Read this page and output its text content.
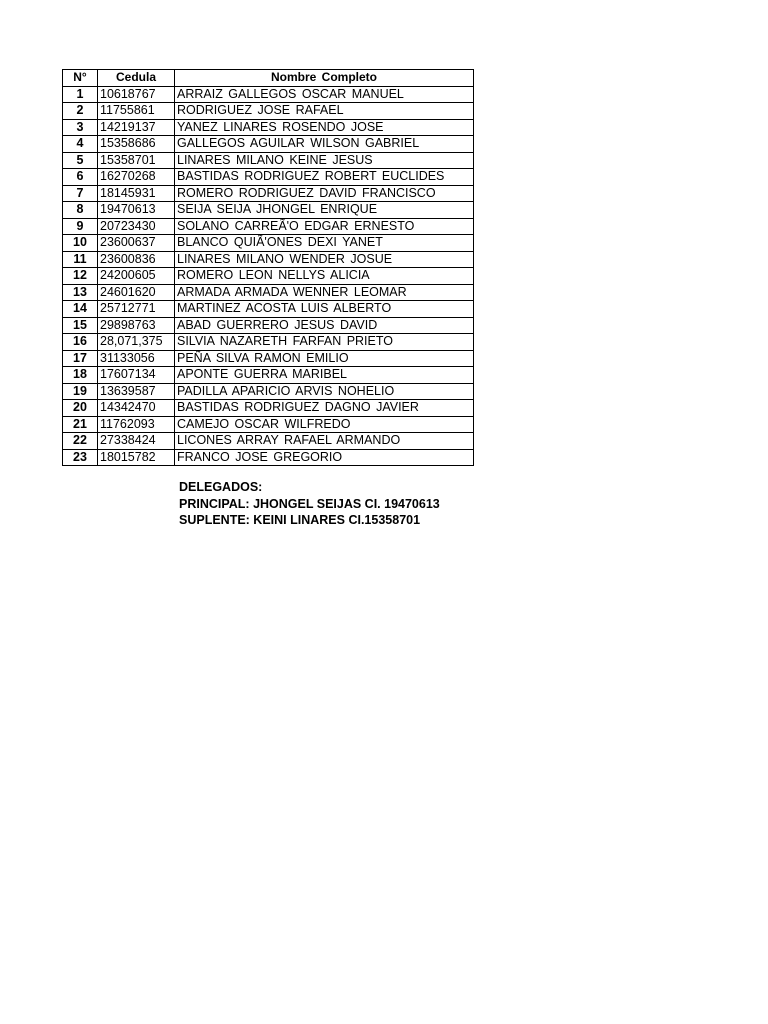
N°	Cedula	Nombre Completo
1	10618767	ARRAIZ GALLEGOS OSCAR MANUEL
2	11755861	RODRIGUEZ JOSE RAFAEL
3	14219137	YANEZ LINARES ROSENDO JOSE
4	15358686	GALLEGOS AGUILAR WILSON GABRIEL
5	15358701	LINARES MILANO KEINE JESUS
6	16270268	BASTIDAS RODRIGUEZ ROBERT EUCLIDES
7	18145931	ROMERO RODRIGUEZ DAVID FRANCISCO
8	19470613	SEIJA SEIJA JHONGEL ENRIQUE
9	20723430	SOLANO CARREÃ'O EDGAR ERNESTO
10	23600637	BLANCO QUIÃ'ONES DEXI YANET
11	23600836	LINARES MILANO WENDER JOSUE
12	24200605	ROMERO LEON NELLYS ALICIA
13	24601620	ARMADA ARMADA WENNER LEOMAR
14	25712771	MARTINEZ ACOSTA LUIS ALBERTO
15	29898763	ABAD GUERRERO JESUS DAVID
16	28,071,375	SILVIA NAZARETH FARFAN PRIETO
17	31133056	PEÑA SILVA RAMON EMILIO
18	17607134	APONTE GUERRA MARIBEL
19	13639587	PADILLA APARICIO ARVIS NOHELIO
20	14342470	BASTIDAS RODRIGUEZ DAGNO JAVIER
21	11762093	CAMEJO OSCAR WILFREDO
22	27338424	LICONES ARRAY RAFAEL ARMANDO
23	18015782	FRANCO JOSE GREGORIO
DELEGADOS:
PRINCIPAL: JHONGEL SEIJAS CI. 19470613
SUPLENTE: KEINI LINARES CI.15358701
